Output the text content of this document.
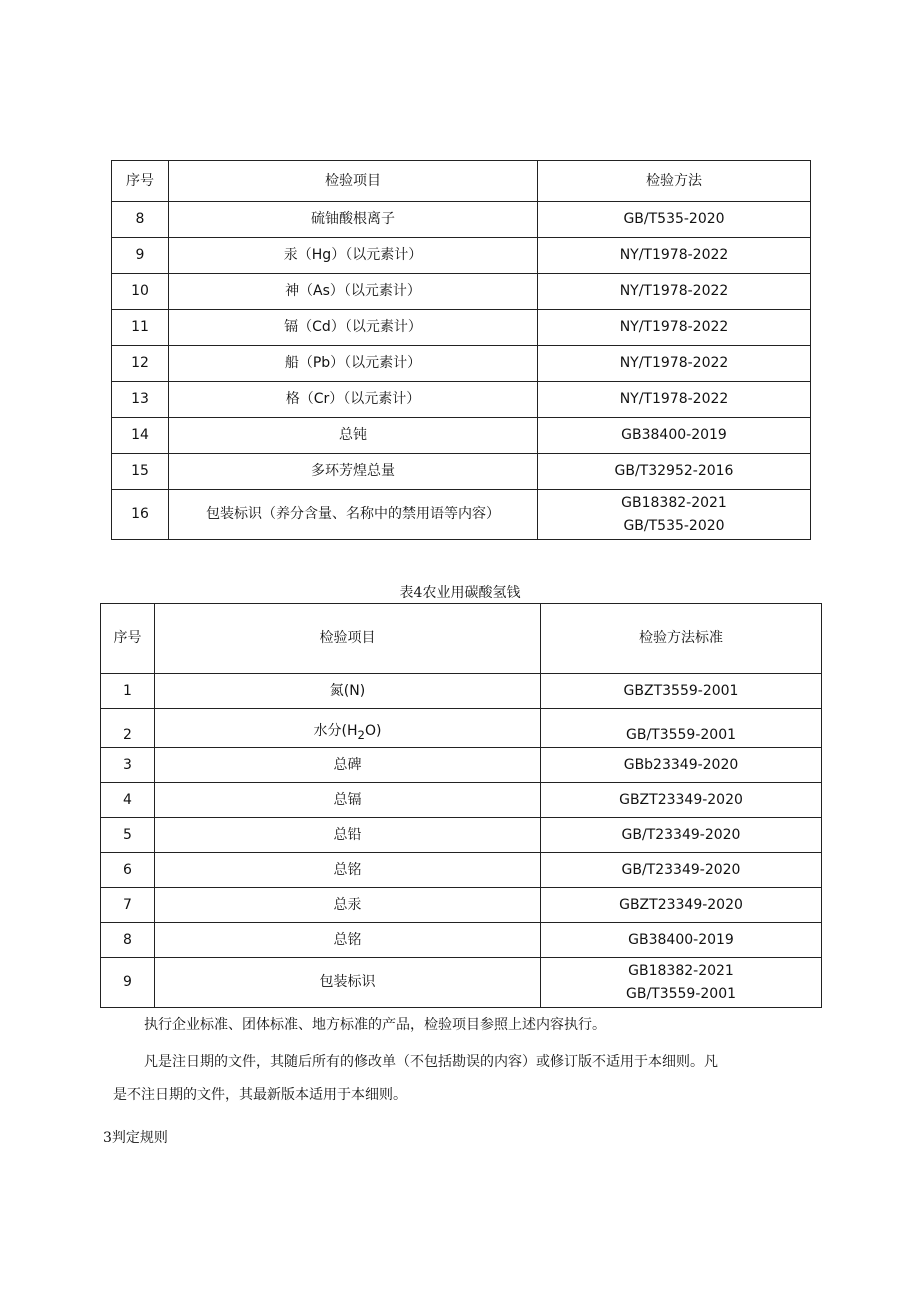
序号	检验项目	检验方法
8	硫铀酸根离子	GB/T535-2020
9	汞（Hg）（以元素计）	NY/T1978-2022
10	神（As）（以元素计）	NY/T1978-2022
11	镉（Cd）（以元素计）	NY/T1978-2022
12	船（Pb）（以元素计）	NY/T1978-2022
13	格（Cr）（以元素计）	NY/T1978-2022
14	总钝	GB38400-2019
15	多环芳煌总量	GB/T32952-2016
16	包装标识（养分含量、名称中的禁用语等内容）	GB18382-2021
GB/T535-2020
表4农业用碳酸氢钱
序号	检验项目	检验方法标准
1	氮(N)	GBZT3559-2001
2	水分$(H_2O)$	GB/T3559-2001
3	总碑	GBb23349-2020
4	总镉	GBZT23349-2020
5	总铅	GB/T23349-2020
6	总铭	GB/T23349-2020
7	总汞	GBZT23349-2020
8	总铭	GB38400-2019
9	包装标识	GB18382-2021
GB/T3559-2001
执行企业标准、团体标准、地方标准的产品，检验项目参照上述内容执行。
凡是注日期的文件，其随后所有的修改单（不包括勘误的内容）或修订版不适用于本细则。凡
是不注日期的文件，其最新版本适用于本细则。
3判定规则
